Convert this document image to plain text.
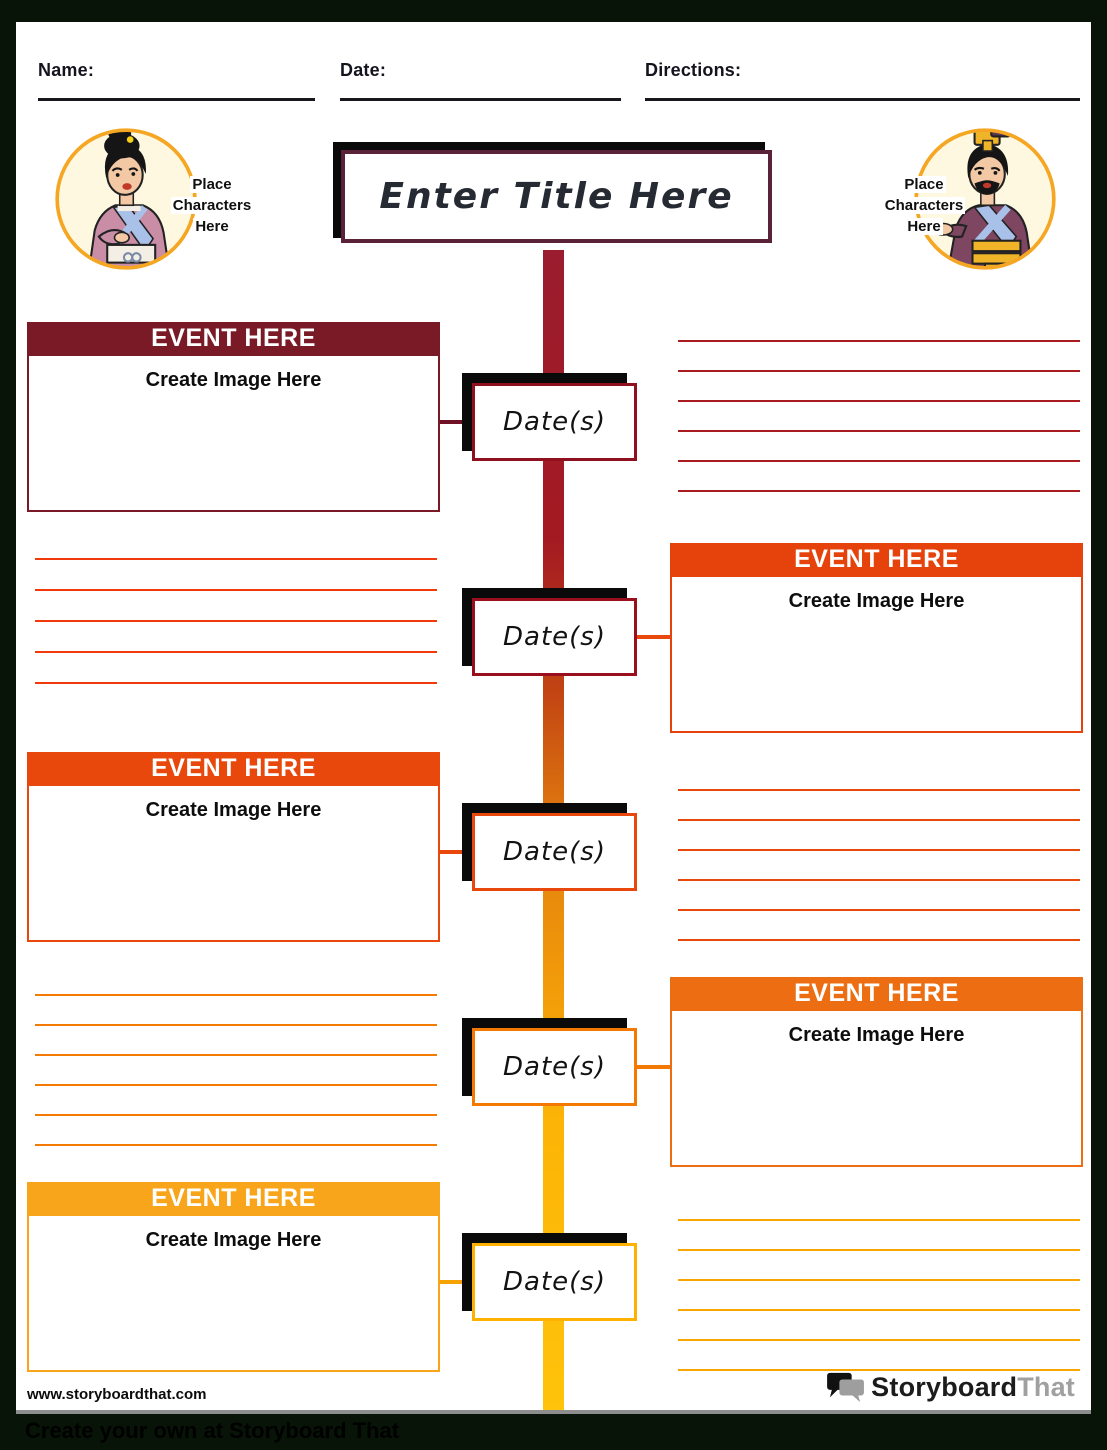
Name:	Date:	Directions:
Place
Characters
Here
Place
Characters
Here
Enter Title Here
EVENT HERE
Create Image Here
Date(s)
EVENT HERE
Create Image Here
Date(s)
EVENT HERE
Create Image Here
Date(s)
EVENT HERE
Create Image Here
Date(s)
EVENT HERE
Create Image Here
Date(s)
www.storyboardthat.com	StoryboardThat
Create your own at Storyboard That
